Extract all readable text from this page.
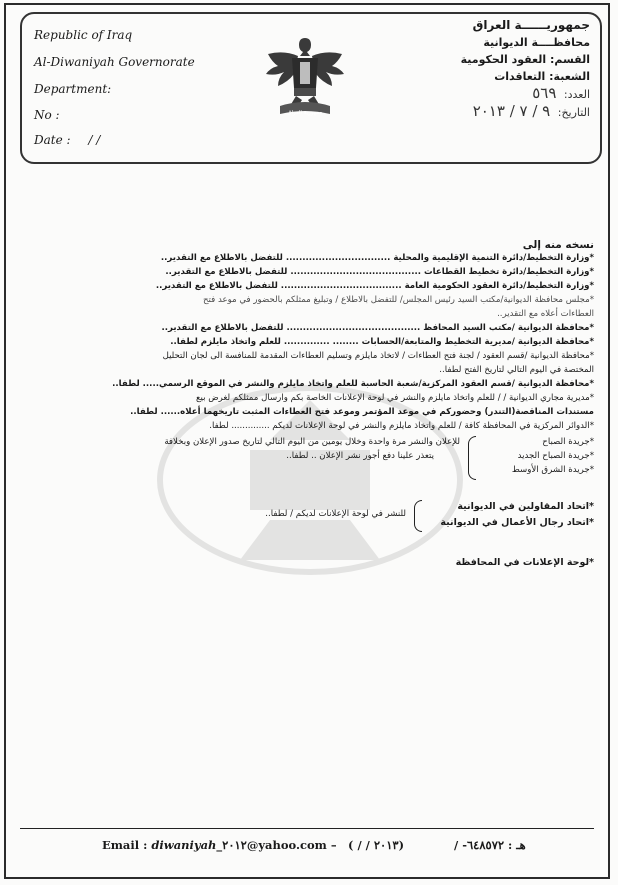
Republic of Iraq
Al-Diwaniyah Governorate
Department:
No :
Date : / /
جمهورية العراق
جمهوريــــــة العراق
محافظــــة الديوانية
القسم: العقود الحكومية
الشعبة: التعاقدات
العدد: ٥٦٩
التاريخ: ٩ / ٧ / ٢٠١٣
نسخه منه إلى
*وزارة التخطيط/دائرة التنمية الإقليمية والمحلية ................................ للتفضل بالاطلاع مع التقدير..
*وزارة التخطيط/دائرة تخطيط القطاعات ........................................ للتفضل بالاطلاع مع التقدير..
*وزارة التخطيط/دائرة العقود الحكومية العامة ..................................... للتفضل بالاطلاع مع التقدير..
*مجلس محافظة الديوانية/مكتب السيد رئيس المجلس/ للتفضل بالاطلاع / وتبليغ ممثلكم بالحضور في موعد فتح
العطاءات أعلاه مع التقدير..
*محافظة الديوانية /مكتب السيد المحافظ ......................................... للتفضل بالاطلاع مع التقدير..
*محافظة الديوانية /مديرية التخطيط والمتابعة/الحسابات ........ .............. للعلم واتخاذ مايلزم لطفا..
*محافظة الديوانية /قسم العقود / لجنة فتح العطاءات / لاتخاذ مايلزم وتسليم العطاءات المقدمة للمنافسة الى لجان التحليل
المختصة في اليوم التالي لتاريخ الفتح لطفا..
*محافظة الديوانية /قسم العقود المركزية/شعبة الحاسبة للعلم واتخاذ مايلزم والنشر في الموقع الرسمي..... لطفا..
*مديرية مجاري الديوانية / / للعلم واتخاذ مايلزم والنشر في لوحة الإعلانات الخاصة بكم وارسال ممثلكم لغرض بيع
مستندات المناقصة(التندر) وحضوركم في موعد المؤتمر وموعد فتح العطاءات المثبت تاريخهما أعلاه...... لطفا..
*الدوائر المركزية في المحافظة كافة / للعلم واتخاذ مايلزم والنشر في لوحة الإعلانات لديكم .............. لطفا.
*جريدة الصباح
*جريدة الصباح الجديد
*جريدة الشرق الأوسط
للإعلان والنشر مرة واحدة وخلال يومين من اليوم التالي لتاريخ صدور الإعلان وبخلافة
يتعذر علينا دفع أجور نشر الإعلان .. لطفا..
*اتحاد المقاولين في الديوانية
*اتحاد رجال الأعمال في الديوانية
للنشر في لوحة الإعلانات لديكم / لطفا..
*لوحة الإعلانات في المحافظة
Email : diwaniyah_٢٠١٢@yahoo.com – (٢٠١٣ / / )	هـ : ٦٤٨٥٧٢- /
